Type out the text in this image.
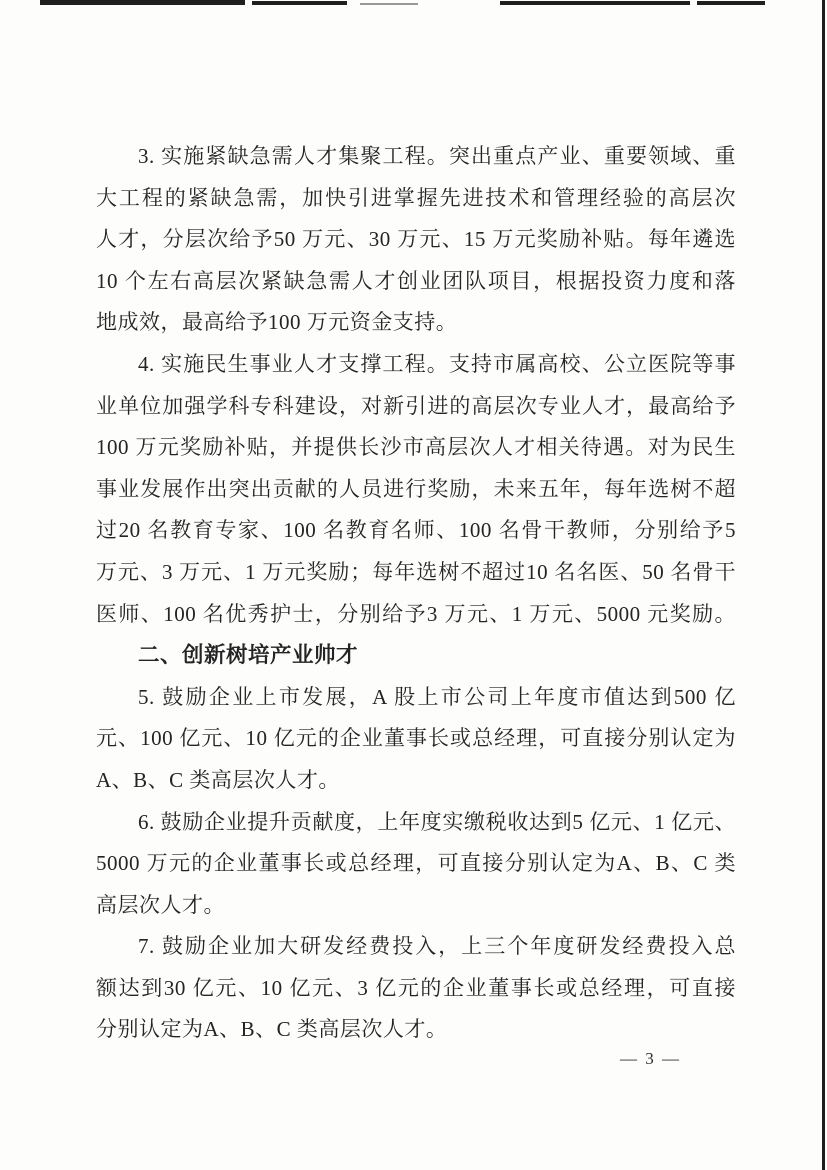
3. 实施紧缺急需人才集聚工程。突出重点产业、重要领域、重
大工程的紧缺急需，加快引进掌握先进技术和管理经验的高层次
人才，分层次给予50 万元、30 万元、15 万元奖励补贴。每年遴选
10 个左右高层次紧缺急需人才创业团队项目，根据投资力度和落
地成效，最高给予100 万元资金支持。
4. 实施民生事业人才支撑工程。支持市属高校、公立医院等事
业单位加强学科专科建设，对新引进的高层次专业人才，最高给予
100 万元奖励补贴，并提供长沙市高层次人才相关待遇。对为民生
事业发展作出突出贡献的人员进行奖励，未来五年，每年选树不超
过20 名教育专家、100 名教育名师、100 名骨干教师，分别给予5
万元、3 万元、1 万元奖励；每年选树不超过10 名名医、50 名骨干
医师、100 名优秀护士，分别给予3 万元、1 万元、5000 元奖励。
二、创新树培产业帅才
5. 鼓励企业上市发展，A 股上市公司上年度市值达到500 亿
元、100 亿元、10 亿元的企业董事长或总经理，可直接分别认定为
A、B、C 类高层次人才。
6. 鼓励企业提升贡献度，上年度实缴税收达到5 亿元、1 亿元、
5000 万元的企业董事长或总经理，可直接分别认定为A、B、C 类
高层次人才。
7. 鼓励企业加大研发经费投入，上三个年度研发经费投入总
额达到30 亿元、10 亿元、3 亿元的企业董事长或总经理，可直接
分别认定为A、B、C 类高层次人才。
— 3 —
